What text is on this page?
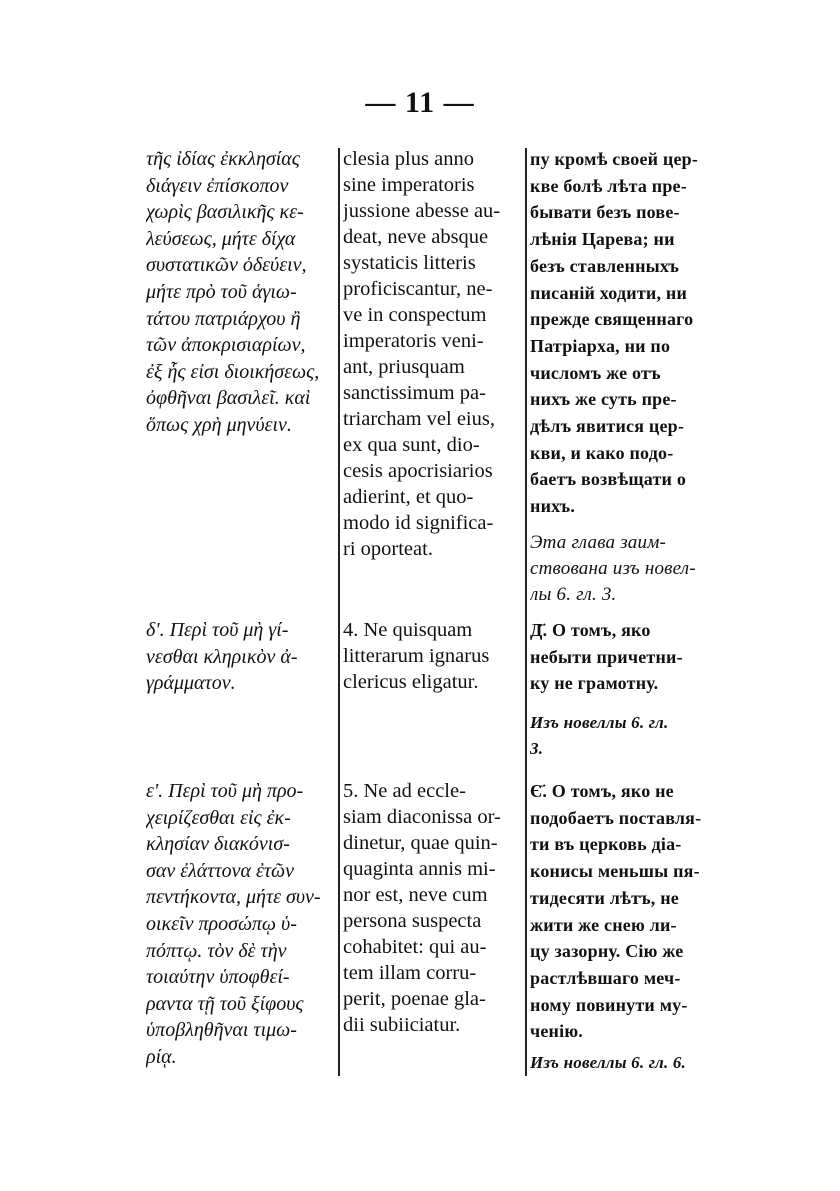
— 11 —

τῆς ἰδίας ἐκκλησίας
διάγειν ἐπίσκοπον
χωρὶς βασιλικῆς κε-
λεύσεως, μήτε δίχα
συστατικῶν ὁδεύειν,
μήτε πρὸ τοῦ ἁγιω-
τάτου πατριάρχου ἢ
τῶν ἀποκρισιαρίων,
ἐξ ἧς εἰσι διοικήσεως,
ὀφθῆναι βασιλεῖ. καὶ
ὅπως χρὴ μηνύειν.

δ'. Περὶ τοῦ μὴ γί-
νεσθαι κληρικὸν ἀ-
γράμματον.

ε'. Περὶ τοῦ μὴ προ-
χειρίζεσθαι εἰς ἐκ-
κλησίαν διακόνισ-
σαν ἐλάττονα ἐτῶν
πεντήκοντα, μήτε συν-
οικεῖν προσώπῳ ὑ-
πόπτῳ. τὸν δὲ τὴν
τοιαύτην ὑποφθεί-
ραντα τῇ τοῦ ξίφους
ὑποβληθῆναι τιμω-
ρίᾳ.

clesia plus anno
sine imperatoris
jussione abesse au-
deat, neve absque
systaticis litteris
proficiscantur, ne-
ve in conspectum
imperatoris veni-
ant, priusquam
sanctissimum pa-
triarcham vel eius,
ex qua sunt, dio-
cesis apocrisiarios
adierint, et quo-
modo id significa-
ri oporteat.

4. Ne quisquam
litterarum ignarus
clericus eligatur.

5. Ne ad eccle-
siam diaconissa or-
dinetur, quae quin-
quaginta annis mi-
nor est, neve cum
persona suspecta
cohabitet: qui au-
tem illam corru-
perit, poenae gla-
dii subiiciatur.

пу кромѣ своей цер-
кве болѣ лѣта пре-
бывати безъ пове-
лѣнія Царева; ни
безъ ставленныхъ
писаній ходити, ни
прежде священнаго
Патріарха, ни по
числомъ же отъ
нихъ же суть пре-
дѣлъ явитися цер-
кви, и како подо-
баетъ возвѣщати о
нихъ.

Эта глава заим-
ствована изъ новел-
лы 6. гл. 3.

Д҃. О томъ, яко
небыти причетни-
ку не грамотну.

Изъ новеллы 6. гл.
3.

Є҃. О томъ, яко не
подобаетъ поставля-
ти въ церковь діа-
конисы меньшы пя-
тидесяти лѣтъ, не
жити же снею ли-
цу зазорну. Сію же
растлѣвшаго меч-
ному повинути му-
ченію.

Изъ новеллы 6. гл. 6.
